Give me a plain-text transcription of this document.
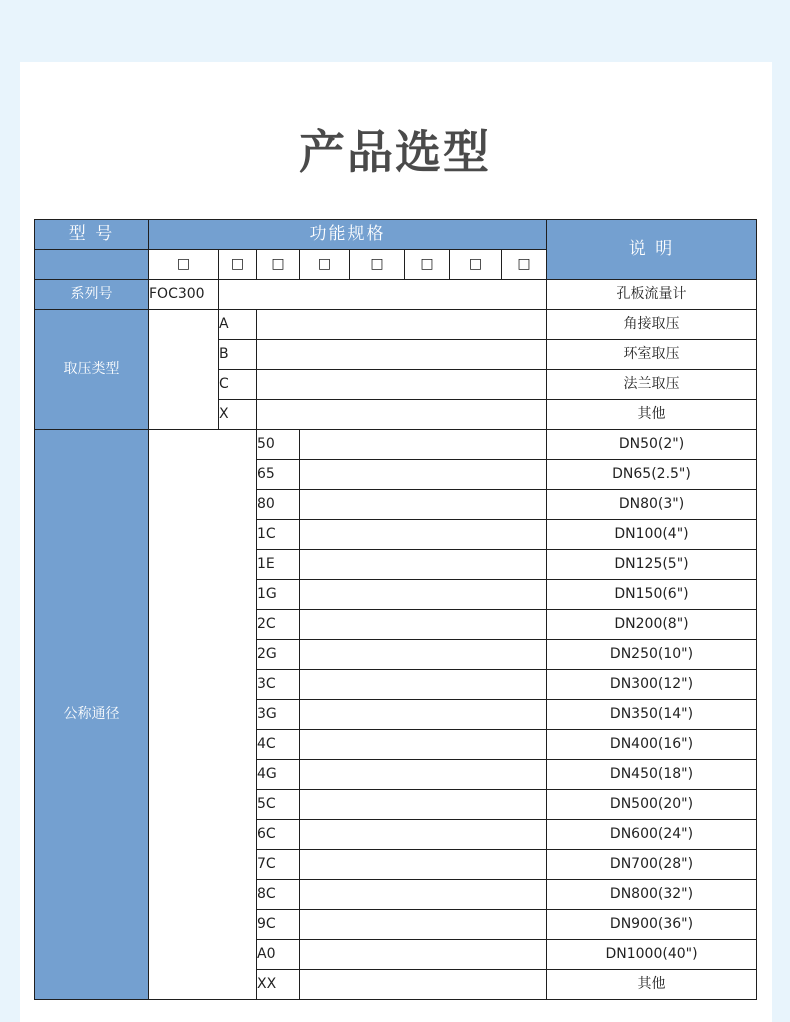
产品选型
型 号	功能规格								说 明
	□	□	□	□	□	□	□	□	
系列号	FOC300								孔板流量计
取压类型		A							角接取压
		B							环室取压
		C							法兰取压
		X							其他
公称通径			50						DN50(2")
			65						DN65(2.5")
			80						DN80(3")
			1C						DN100(4")
			1E						DN125(5")
			1G						DN150(6")
			2C						DN200(8")
			2G						DN250(10")
			3C						DN300(12")
			3G						DN350(14")
			4C						DN400(16")
			4G						DN450(18")
			5C						DN500(20")
			6C						DN600(24")
			7C						DN700(28")
			8C						DN800(32")
			9C						DN900(36")
			A0						DN1000(40")
			XX						其他
